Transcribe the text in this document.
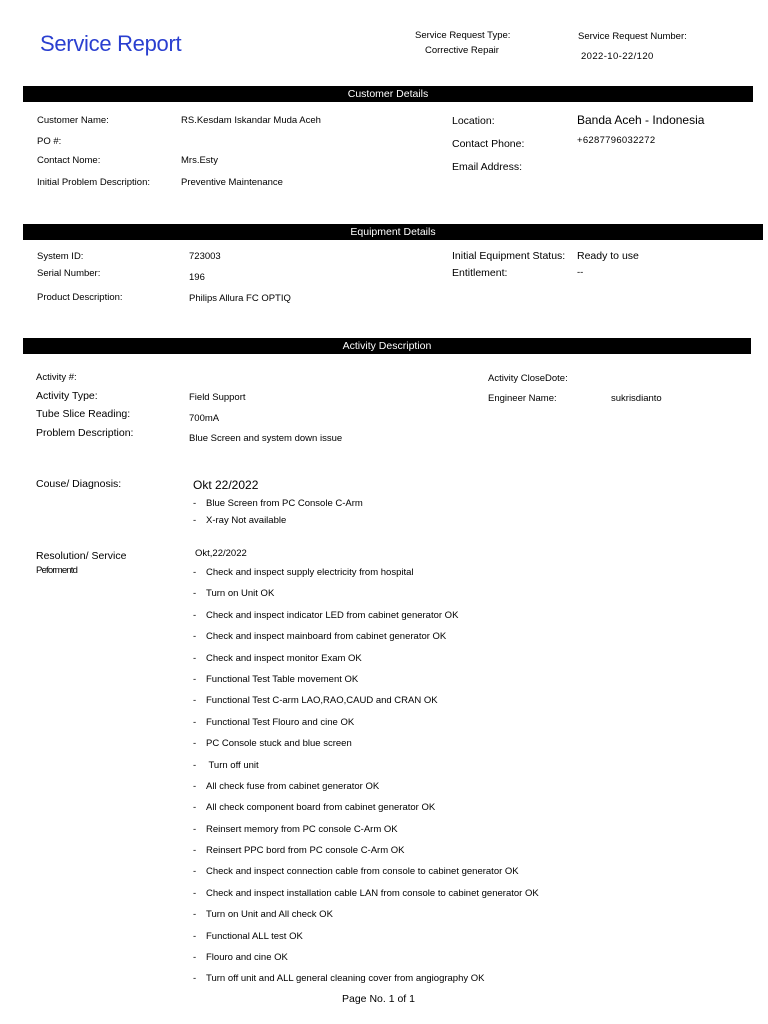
Service Report	Service Request Type:
Corrective Repair
Service Request Number:
2022-10-22/120
Customer Details
Customer Name:	RS.Kesdam Iskandar Muda Aceh
PO #:
Contact Nome:	Mrs.Esty
Initial Problem Description:	Preventive Maintenance
Location:	Banda Aceh - Indonesia
Contact Phone:	+6287796032272
Email Address:
Equipment Details
System ID:	723003
Serial Number:	196
Product Description:	Philips Allura FC OPTIQ
Initial Equipment Status: Ready to use
Entitlement:	--
Activity Description
Activity #:
Activity Type:	Field Support
Tube Slice Reading:	700mA
Problem Description:	Blue Screen and system down issue
Activity CloseDote:
Engineer Name:	sukrisdianto
Couse/ Diagnosis:	Okt 22/2022
- Blue Screen from PC Console C-Arm
- X-ray Not available
Resolution/ Service
Peformentd
Okt,22/2022
- Check and inspect supply electricity from hospital
- Turn on Unit OK
- Check and inspect indicator LED from cabinet generator OK
- Check and inspect mainboard from cabinet generator OK
- Check and inspect monitor Exam OK
- Functional Test Table movement OK
- Functional Test C-arm LAO,RAO,CAUD and CRAN OK
- Functional Test Flouro and cine OK
- PC Console stuck and blue screen
- Turn off unit
- All check fuse from cabinet generator OK
- All check component board from cabinet generator OK
- Reinsert memory from PC console C-Arm OK
- Reinsert PPC bord from PC console C-Arm OK
- Check and inspect connection cable from console to cabinet generator OK
- Check and inspect installation cable LAN from console to cabinet generator OK
- Turn on Unit and All check OK
- Functional ALL test OK
- Flouro and cine OK
- Turn off unit and ALL general cleaning cover from angiography OK
Page No. 1 of 1
